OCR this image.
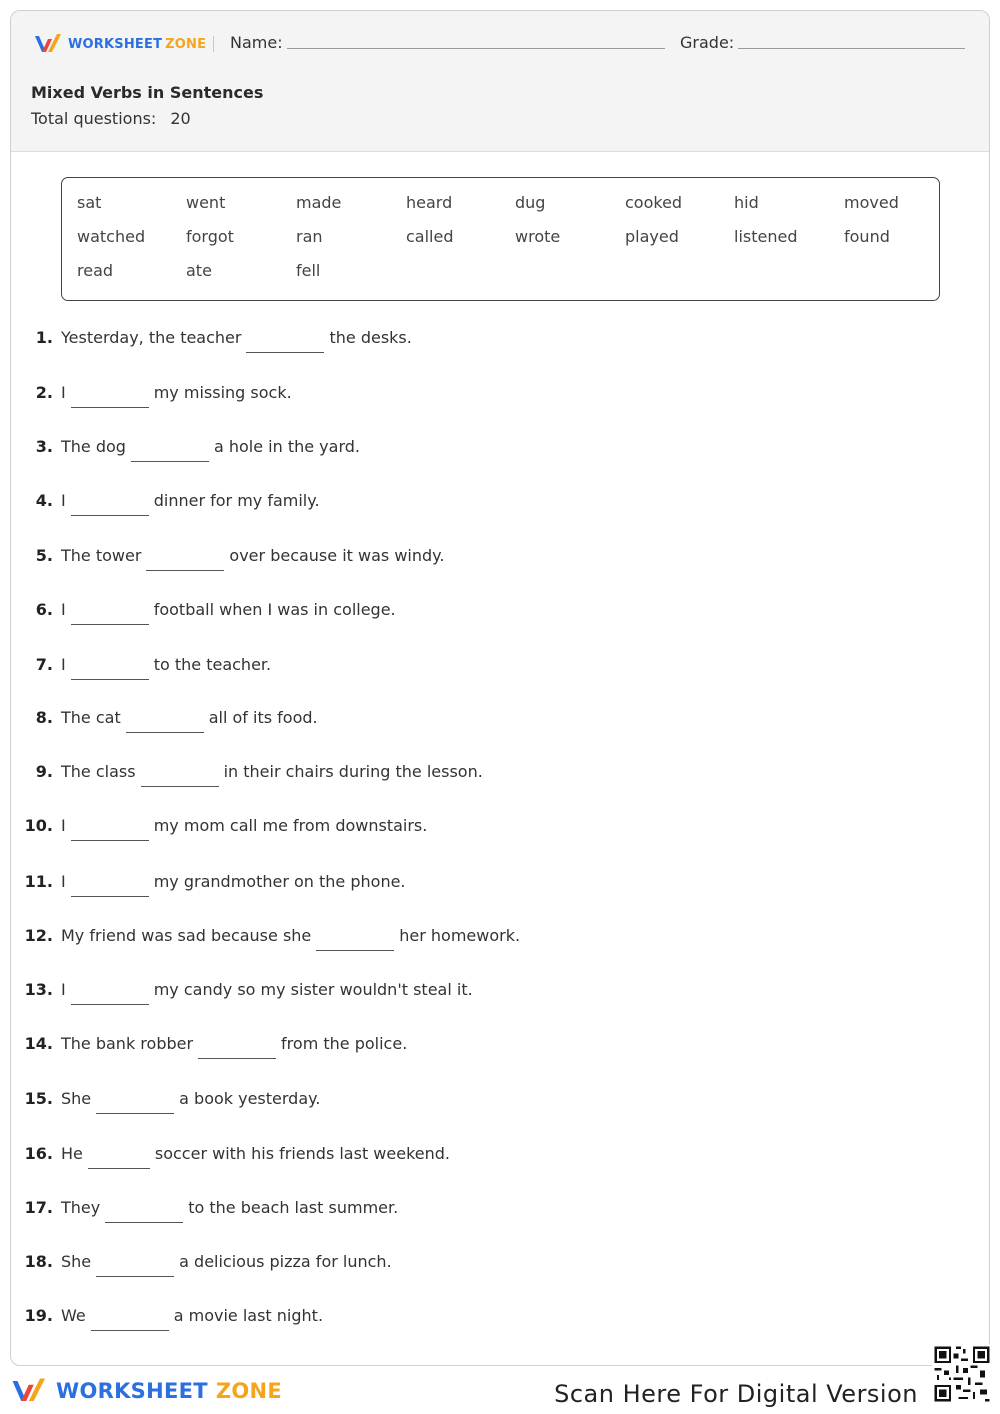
WORKSHEET ZONE Name:	Grade:
Mixed Verbs in Sentences
Total questions: 20
sat	went	made	heard	dug	cooked	hid	moved
watched	forgot	ran	called	wrote	played	listened	found
read	ate	fell
1. Yesterday, the teacher	the desks.
2. I	my missing sock.
3. The dog	a hole in the yard.
4. I	dinner for my family.
5. The tower	over because it was windy.
6. I	football when I was in college.
7. I	to the teacher.
8. The cat	all of its food.
9. The class	in their chairs during the lesson.
10. I	my mom call me from downstairs.
11. I	my grandmother on the phone.
12. My friend was sad because she	her homework.
13. I	my candy so my sister wouldn't steal it.
14. The bank robber	from the police.
15. She	a book yesterday.
16. He	soccer with his friends last weekend.
17. They	to the beach last summer.
18. She	a delicious pizza for lunch.
19. We	a movie last night.
WORKSHEET ZONE	Scan Here For Digital Version
